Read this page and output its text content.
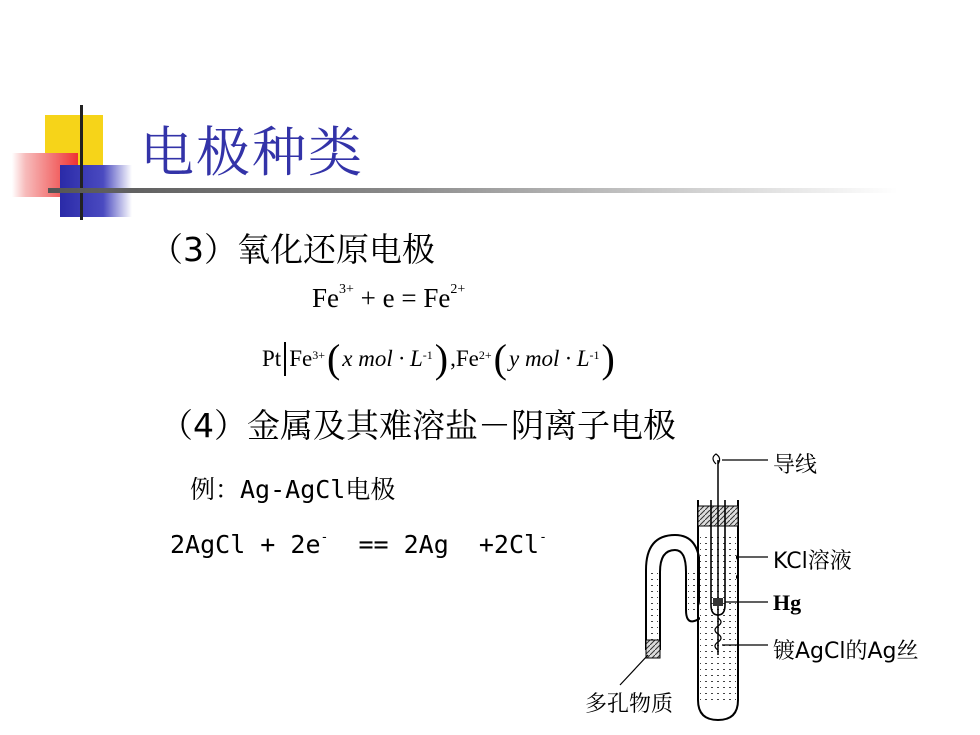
电极种类
（3）氧化还原电极
$Fe^{3+} + e = Fe^{2+}$
Pt $Fe^{3+}$ ( x mol · $L^{-1}$ ) $,Fe^{2+}$ ( y mol · $L^{-1}$ )
（4）金属及其难溶盐－阴离子电极
例：Ag-AgCl电极
2AgCl + 2e-  == 2Ag  +2Cl-
导线
KCl溶液
Hg
镀AgCl的Ag丝
多孔物质
